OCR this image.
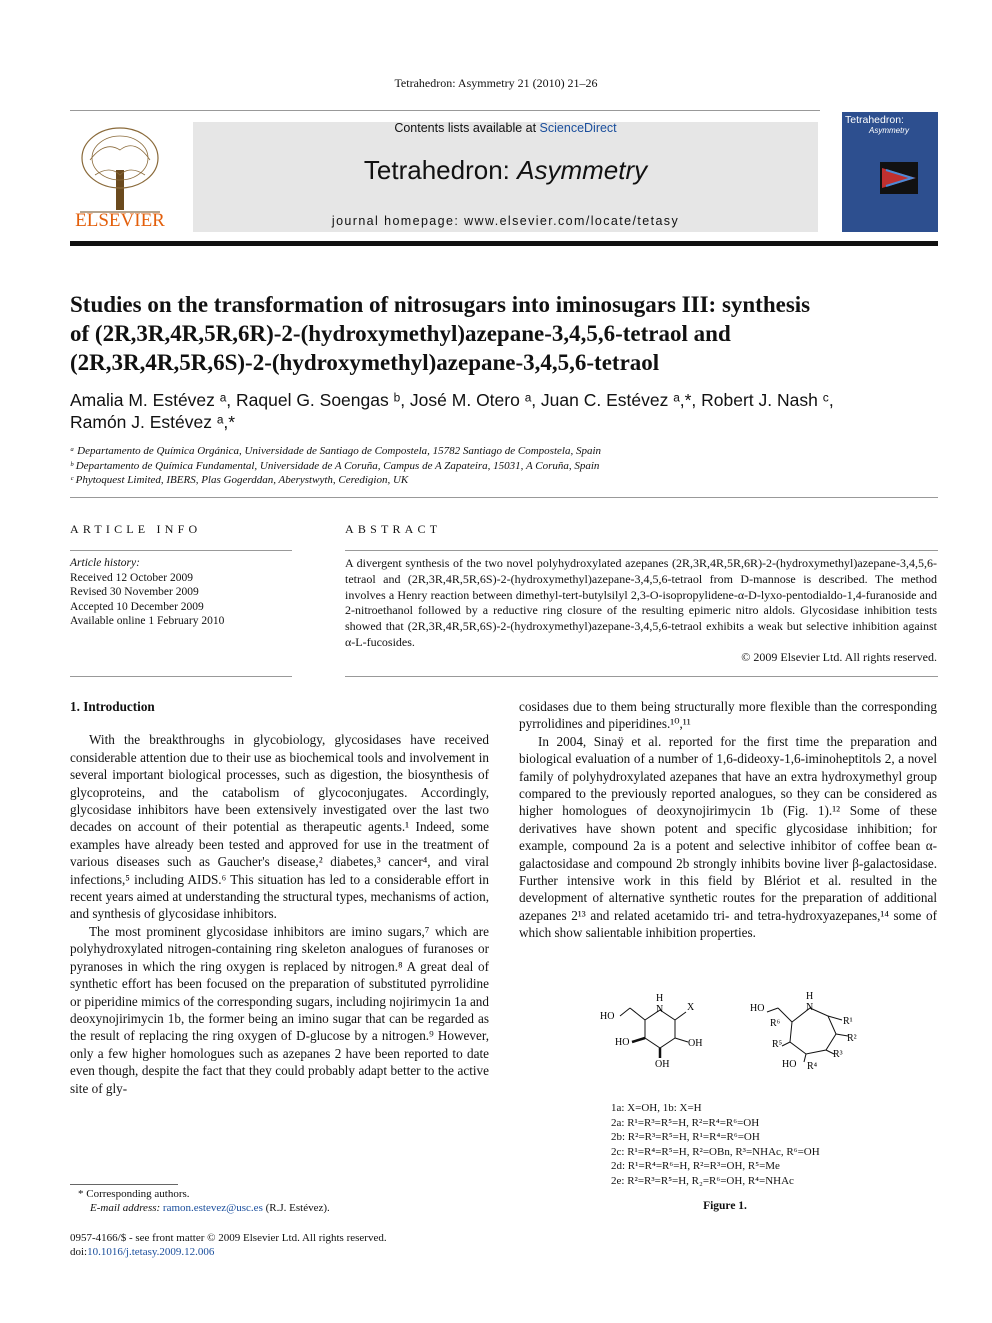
Tetrahedron: Asymmetry 21 (2010) 21–26
ELSEVIER
Contents lists available at ScienceDirect
Tetrahedron: Asymmetry
journal homepage: www.elsevier.com/locate/tetasy
Tetrahedron:
Asymmetry
Studies on the transformation of nitrosugars into iminosugars III: synthesis
of (2R,3R,4R,5R,6R)-2-(hydroxymethyl)azepane-3,4,5,6-tetraol and
(2R,3R,4R,5R,6S)-2-(hydroxymethyl)azepane-3,4,5,6-tetraol
Amalia M. Estévez ᵃ, Raquel G. Soengas ᵇ, José M. Otero ᵃ, Juan C. Estévez ᵃ,*, Robert J. Nash ᶜ,
Ramón J. Estévez ᵃ,*
ᵃ Departamento de Química Orgánica, Universidade de Santiago de Compostela, 15782 Santiago de Compostela, Spain
ᵇ Departamento de Química Fundamental, Universidade de A Coruña, Campus de A Zapateira, 15031, A Coruña, Spain
ᶜ Phytoquest Limited, IBERS, Plas Gogerddan, Aberystwyth, Ceredigion, UK
ARTICLE INFO
Article history:
Received 12 October 2009
Revised 30 November 2009
Accepted 10 December 2009
Available online 1 February 2010
ABSTRACT
A divergent synthesis of the two novel polyhydroxylated azepanes (2R,3R,4R,5R,6R)-2-(hydroxymethyl)azepane-3,4,5,6-tetraol and (2R,3R,4R,5R,6S)-2-(hydroxymethyl)azepane-3,4,5,6-tetraol from D-mannose is described. The method involves a Henry reaction between dimethyl-tert-butylsilyl 2,3-O-isopropylidene-α-D-lyxo-pentodialdo-1,4-furanoside and 2-nitroethanol followed by a reductive ring closure of the resulting epimeric nitro aldols. Glycosidase inhibition tests showed that (2R,3R,4R,5R,6S)-2-(hydroxymethyl)azepane-3,4,5,6-tetraol exhibits a weak but selective inhibition against α-L-fucosides.
© 2009 Elsevier Ltd. All rights reserved.
1. Introduction

With the breakthroughs in glycobiology, glycosidases have received considerable attention due to their use as biochemical tools and involvement in several important biological processes, such as digestion, the biosynthesis of glycoproteins, and the catabolism of glycoconjugates. Accordingly, glycosidase inhibitors have been extensively investigated over the last two decades on account of their potential as therapeutic agents.¹ Indeed, some examples have already been tested and approved for use in the treatment of various diseases such as Gaucher's disease,² diabetes,³ cancer⁴, and viral infections,⁵ including AIDS.⁶ This situation has led to a considerable effort in recent years aimed at understanding the structural types, mechanisms of action, and synthesis of glycosidase inhibitors.

The most prominent glycosidase inhibitors are imino sugars,⁷ which are polyhydroxylated nitrogen-containing ring skeleton analogues of furanoses or pyranoses in which the ring oxygen is replaced by nitrogen.⁸ A great deal of synthetic effort has been focused on the preparation of substituted pyrrolidine or piperidine mimics of the corresponding sugars, including nojirimycin 1a and deoxynojirimycin 1b, the former being an imino sugar that can be regarded as the result of replacing the ring oxygen of D-glucose by a nitrogen.⁹ However, only a few higher homologues such as azepanes 2 have been reported to date even though, despite the fact that they could probably adapt better to the active site of gly-

cosidases due to them being structurally more flexible than the corresponding pyrrolidines and piperidines.¹⁰,¹¹

In 2004, Sinaÿ et al. reported for the first time the preparation and biological evaluation of a number of 1,6-dideoxy-1,6-iminoheptitols 2, a novel family of polyhydroxylated azepanes that have an extra hydroxymethyl group compared to the previously reported analogues, so they can be considered as higher homologues of deoxynojirimycin 1b (Fig. 1).¹² Some of these derivatives have shown potent and specific glycosidase inhibition; for example, compound 2a is a potent and selective inhibitor of coffee bean α-galactosidase and compound 2b strongly inhibits bovine liver β-galactosidase. Further intensive work in this field by Blériot et al. resulted in the development of alternative synthetic routes for the preparation of additional azepanes 2¹³ and related acetamido tri- and tetra-hydroxyazepanes,¹⁴ some of which show salientable inhibition properties.

HO
H
N X
HO	OH
OH
HO
H
N
R⁶	R¹
R²
R³
R⁴
R⁵
HO
1a: X=OH, 1b: X=H
2a: R¹=R³=R⁵=H, R²=R⁴=R⁶=OH
2b: R²=R³=R⁵=H, R¹=R⁴=R⁶=OH
2c: R¹=R⁴=R⁵=H, R²=OBn, R³=NHAc, R⁶=OH
2d: R¹=R⁴=R⁶=H, R²=R³=OH, R⁵=Me
2e: R²=R³=R⁵=H, R₂=R⁶=OH, R⁴=NHAc
Figure 1.
* Corresponding authors.
E-mail address: ramon.estevez@usc.es (R.J. Estévez).
0957-4166/$ - see front matter © 2009 Elsevier Ltd. All rights reserved.
doi:10.1016/j.tetasy.2009.12.006
